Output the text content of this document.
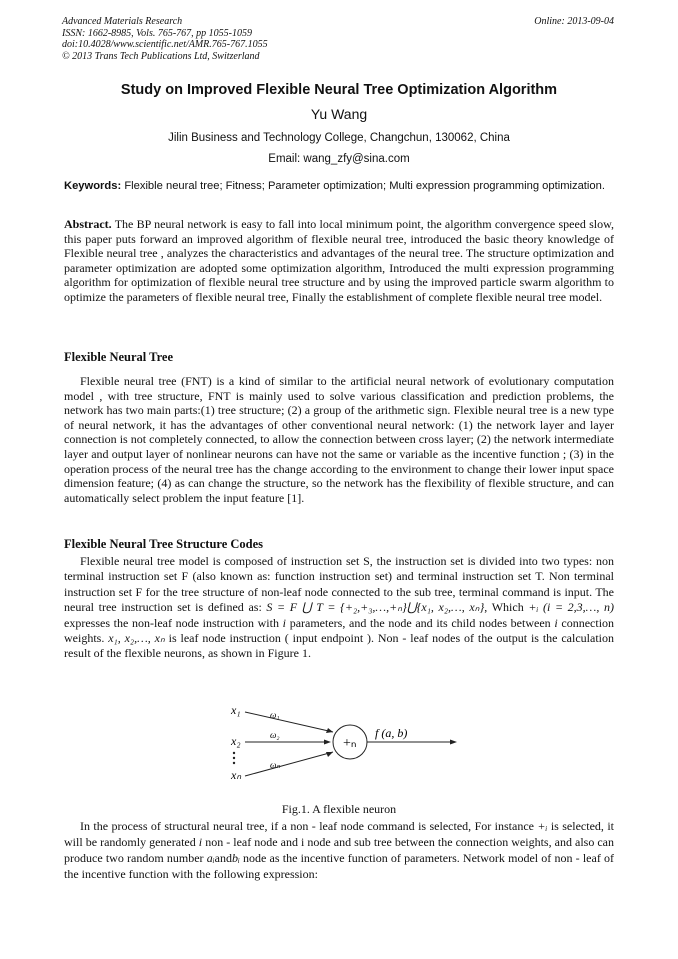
Advanced Materials Research
ISSN: 1662-8985, Vols. 765-767, pp 1055-1059
doi:10.4028/www.scientific.net/AMR.765-767.1055
© 2013 Trans Tech Publications Ltd, Switzerland
Online: 2013-09-04
Study on Improved Flexible Neural Tree Optimization Algorithm
Yu Wang
Jilin Business and Technology College, Changchun, 130062, China
Email: wang_zfy@sina.com
Keywords: Flexible neural tree; Fitness; Parameter optimization; Multi expression programming optimization.
Abstract. The BP neural network is easy to fall into local minimum point, the algorithm convergence speed slow, this paper puts forward an improved algorithm of flexible neural tree, introduced the basic theory knowledge of Flexible neural tree , analyzes the characteristics and advantages of the neural tree. The structure optimization and parameter optimization are adopted some optimization algorithm, Introduced the multi expression programming algorithm for optimization of flexible neural tree structure and by using the improved particle swarm algorithm to optimize the parameters of flexible neural tree, Finally the establishment of complete flexible neural tree model.
Flexible Neural Tree
Flexible neural tree (FNT) is a kind of similar to the artificial neural network of evolutionary computation model , with tree structure, FNT is mainly used to solve various classification and prediction problems, the network has two main parts:(1) tree structure; (2) a group of the arithmetic sign. Flexible neural tree is a new type of neural network, it has the advantages of other conventional neural network: (1) the network layer and layer connection is not completely connected, to allow the connection between cross layer; (2) the network intermediate layer and output layer of nonlinear neurons can have not the same or variable as the incentive function ; (3) in the operation process of the neural tree has the change according to the environment to change their lower input space dimension feature; (4) as can change the structure, so the network has the flexibility of flexible structure, and can automatically select problem the input feature [1].
Flexible Neural Tree Structure Codes
Flexible neural tree model is composed of instruction set S, the instruction set is divided into two types: non terminal instruction set F (also known as: function instruction set) and terminal instruction set T. Non terminal instruction set F for the tree structure of non-leaf node connected to the sub tree, terminal command is input. The neural tree instruction set is defined as: S = F ⋃ T = {+₂,+₃,…,+ₙ}⋃{x₁, x₂,…, xₙ}, Which +ᵢ (i = 2,3,…, n) expresses the non-leaf node instruction with i parameters, and the node and its child nodes between i connection weights. x₁, x₂,…, xₙ is leaf node instruction ( input endpoint ). Non - leaf nodes of the output is the calculation result of the flexible neurons, as shown in Figure 1.
x₁
x₂
xₙ
ω₁
ω₂
ωₙ
+ₙ
f (a, b)
Fig.1. A flexible neuron
In the process of structural neural tree, if a non - leaf node command is selected, For instance +ᵢ is selected, it will be randomly generated i non - leaf node and i node and sub tree between the connection weights, and also can produce two random number aᵢandbᵢ node as the incentive function of parameters. Network model of non - leaf of the incentive function with the following expression:
